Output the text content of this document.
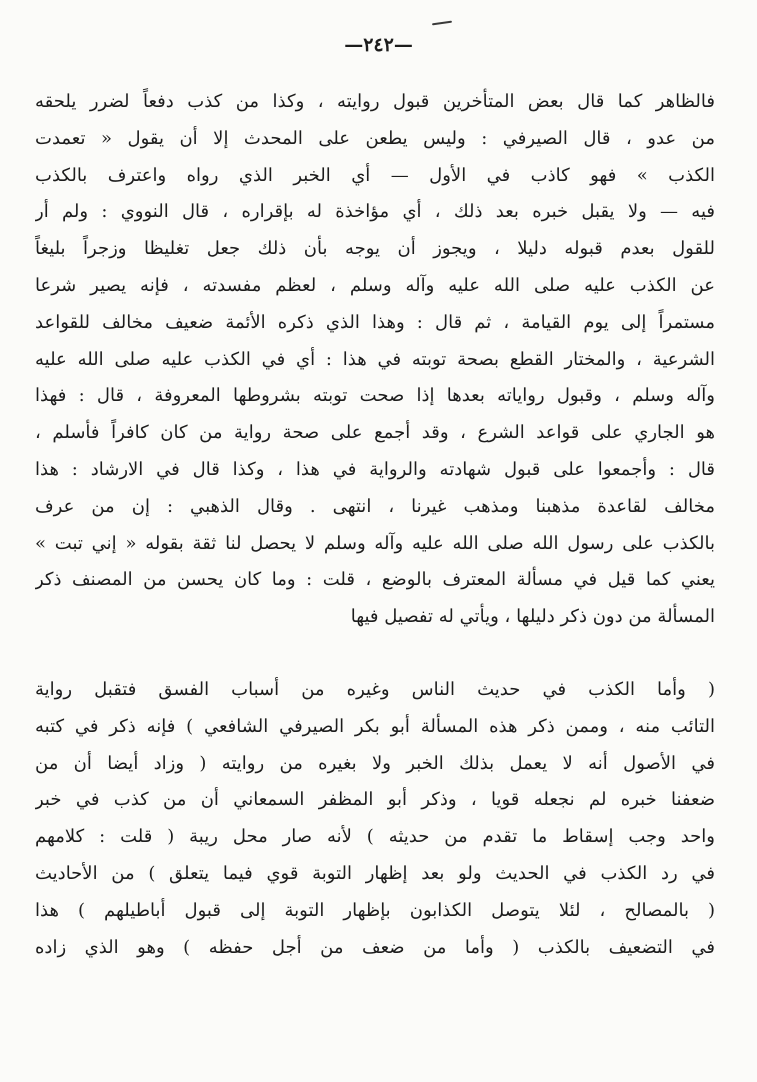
—٢٤٢—
فالظاهر كما قال بعض المتأخرين قبول روايته ، وكذا من كذب دفعاً لضرر يلحقه
من عدو ، قال الصيرفي : وليس يطعن على المحدث إلا أن يقول « تعمدت
الكذب » فهو كاذب في الأول — أي الخبر الذي رواه واعترف بالكذب
فيه — ولا يقبل خبره بعد ذلك ، أي مؤاخذة له بإقراره ، قال النووي : ولم أر
للقول بعدم قبوله دليلا ، ويجوز أن يوجه بأن ذلك جعل تغليظا وزجراً بليغاً
عن الكذب عليه صلى الله عليه وآله وسلم ، لعظم مفسدته ، فإنه يصير شرعا
مستمراً إلى يوم القيامة ، ثم قال : وهذا الذي ذكره الأئمة ضعيف مخالف للقواعد
الشرعية ، والمختار القطع بصحة توبته في هذا : أي في الكذب عليه صلى الله عليه
وآله وسلم ، وقبول رواياته بعدها إذا صحت توبته بشروطها المعروفة ، قال : فهذا
هو الجاري على قواعد الشرع ، وقد أجمع على صحة رواية من كان كافراً فأسلم ،
قال : وأجمعوا على قبول شهادته والرواية في هذا ، وكذا قال في الارشاد : هذا
مخالف لقاعدة مذهبنا ومذهب غيرنا ، انتهى . وقال الذهبي : إن من عرف
بالكذب على رسول الله صلى الله عليه وآله وسلم لا يحصل لنا ثقة بقوله « إني تبت »
يعني كما قيل في مسألة المعترف بالوضع ، قلت : وما كان يحسن من المصنف ذكر
المسألة من دون ذكر دليلها ، ويأتي له تفصيل فيها
( وأما الكذب في حديث الناس وغيره من أسباب الفسق فتقبل رواية
التائب منه ، وممن ذكر هذه المسألة أبو بكر الصيرفي الشافعي ) فإنه ذكر في كتبه
في الأصول أنه لا يعمل بذلك الخبر ولا بغيره من روايته ( وزاد أيضا أن من
ضعفنا خبره لم نجعله قويا ، وذكر أبو المظفر السمعاني أن من كذب في خبر
واحد وجب إسقاط ما تقدم من حديثه ) لأنه صار محل ريبة ( قلت : كلامهم
في رد الكذب في الحديث ولو بعد إظهار التوبة قوي فيما يتعلق ) من الأحاديث
( بالمصالح ، لئلا يتوصل الكذابون بإظهار التوبة إلى قبول أباطيلهم ) هذا
في التضعيف بالكذب ( وأما من ضعف من أجل حفظه ) وهو الذي زاده
